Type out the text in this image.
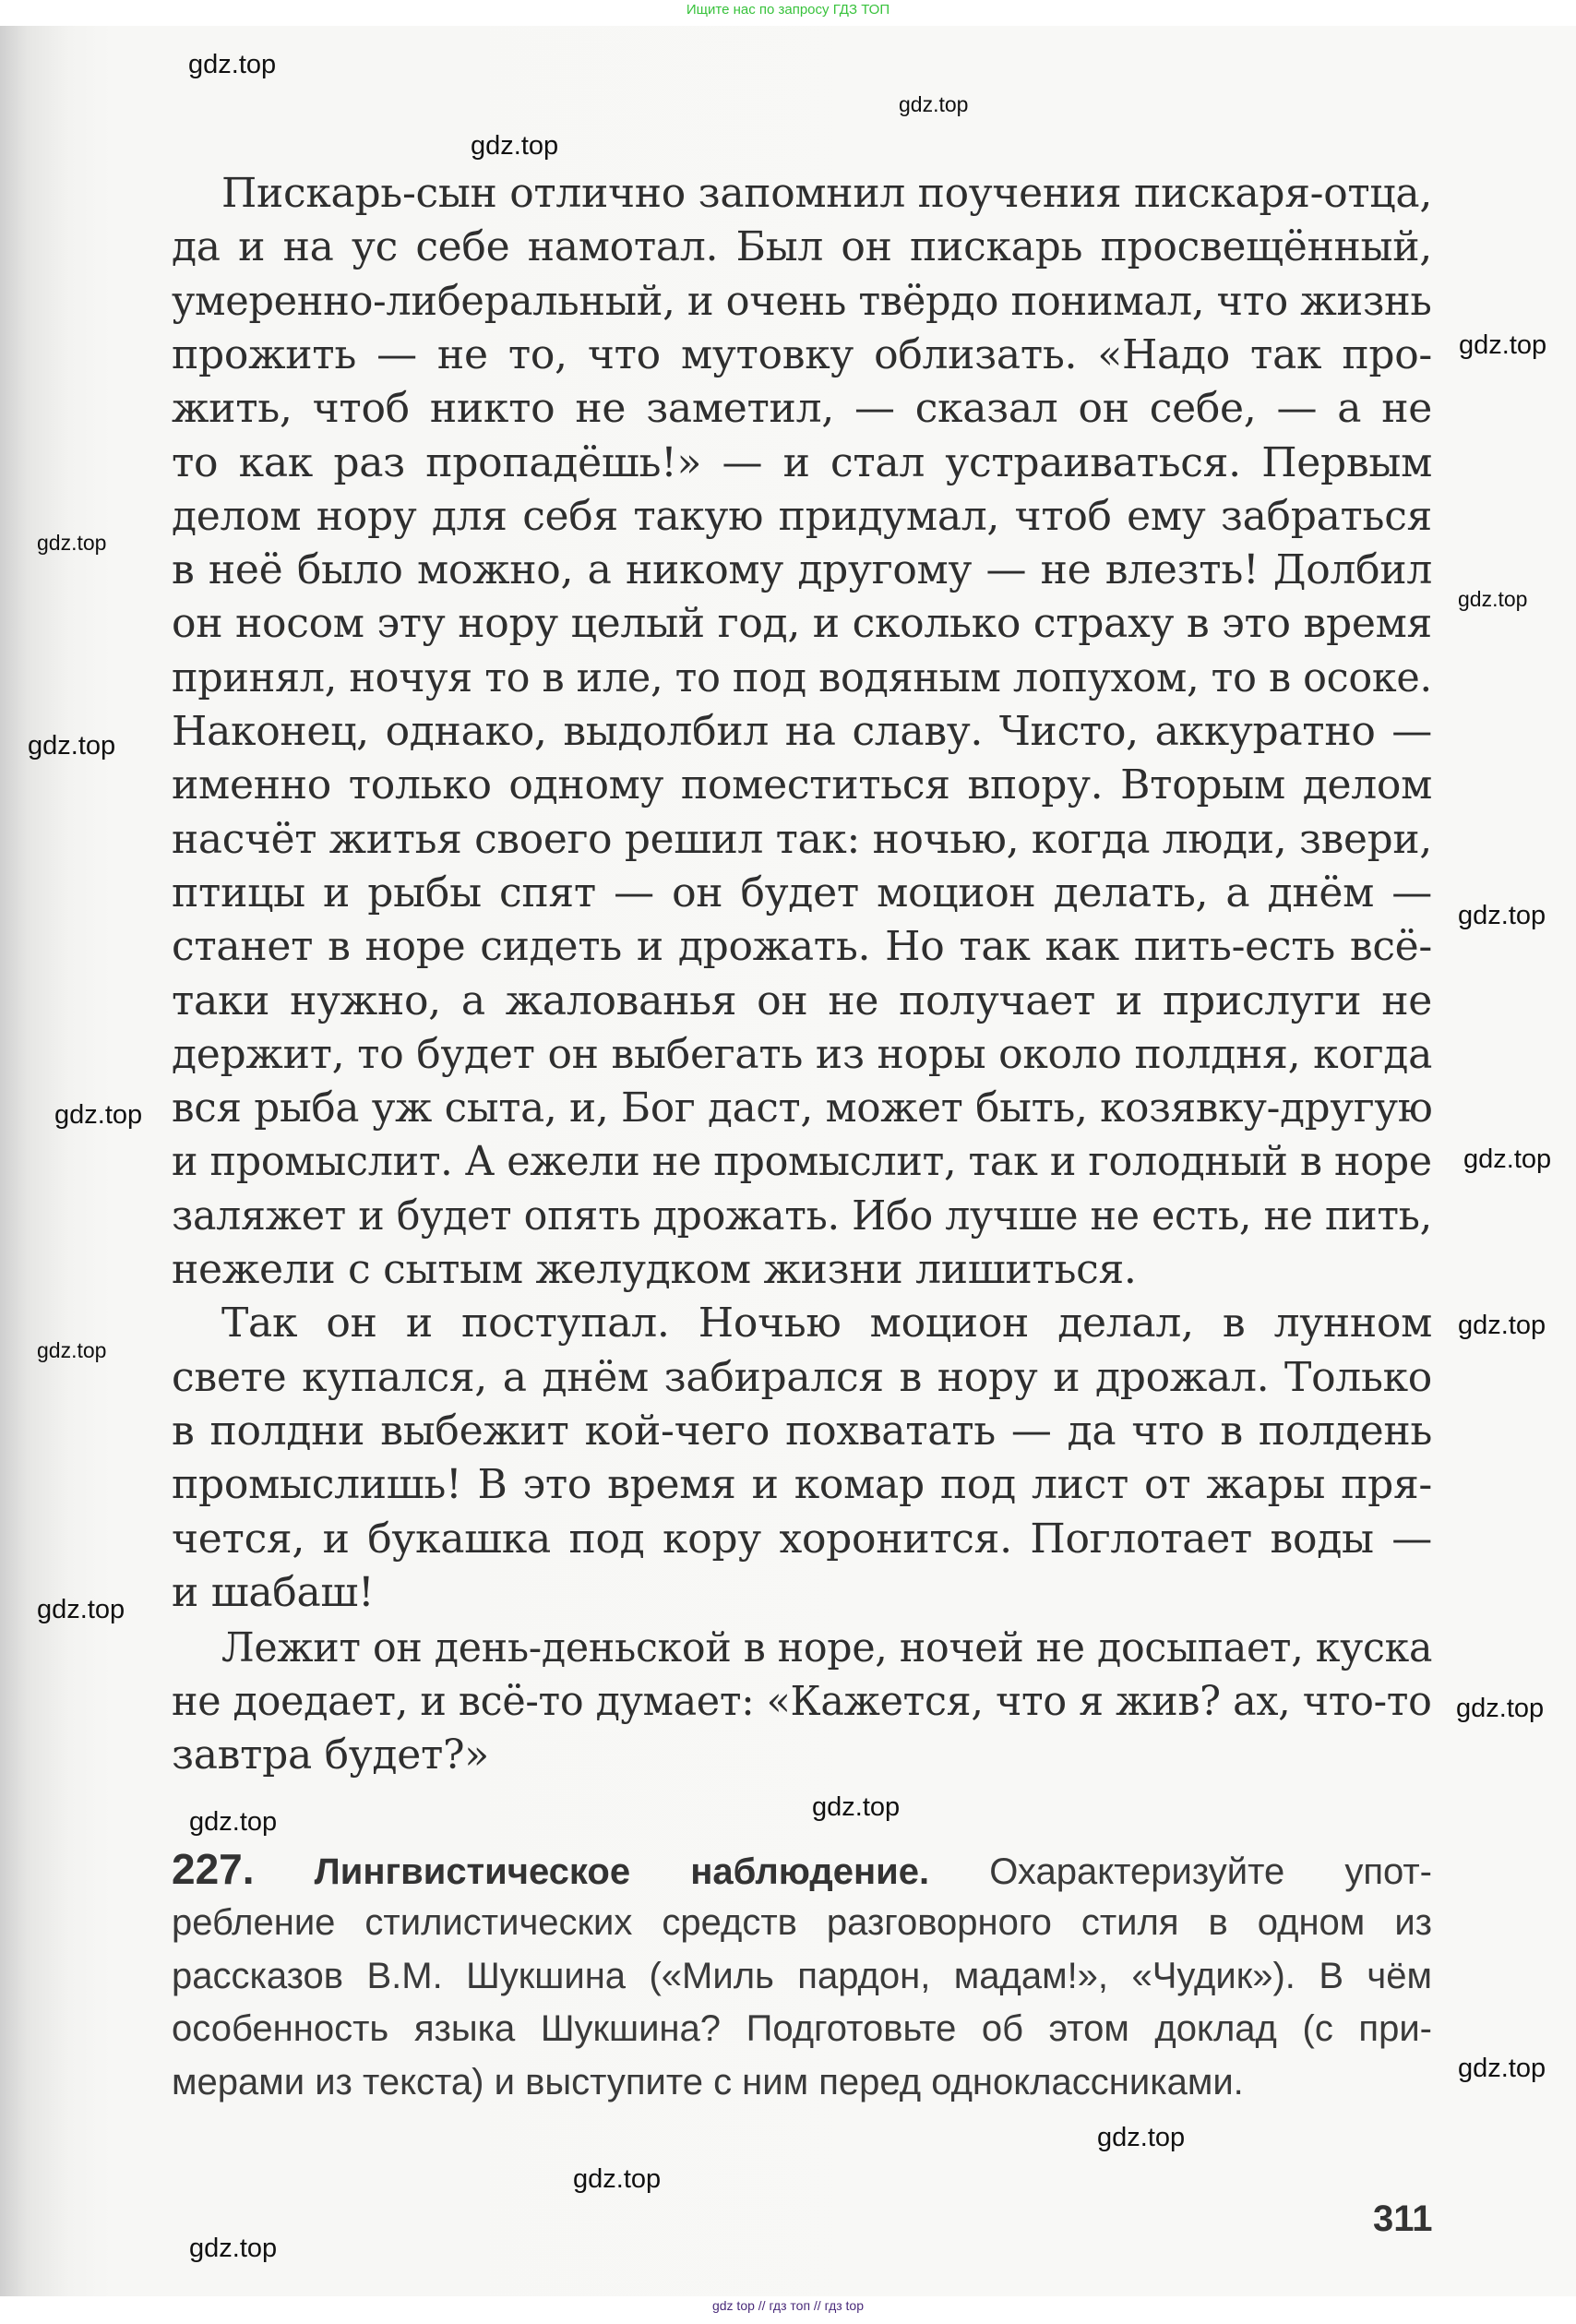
Ищите нас по запросу ГДЗ ТОП
Пискарь-сын отлично запомнил поучения пискаря-отца,
да и на ус себе намотал. Был он пискарь просвещённый,
умеренно-либеральный, и очень твёрдо понимал, что жизнь
прожить — не то, что мутовку облизать. «Надо так про-
жить, чтоб никто не заметил, — сказал он себе, — а не
то как раз пропадёшь!» — и стал устраиваться. Первым
делом нору для себя такую придумал, чтоб ему забраться
в неё было можно, а никому другому — не влезть! Долбил
он носом эту нору целый год, и сколько страху в это время
принял, ночуя то в иле, то под водяным лопухом, то в осоке.
Наконец, однако, выдолбил на славу. Чисто, аккуратно —
именно только одному поместиться впору. Вторым делом
насчёт житья своего решил так: ночью, когда люди, звери,
птицы и рыбы спят — он будет моцион делать, а днём —
станет в норе сидеть и дрожать. Но так как пить-есть всё-
таки нужно, а жалованья он не получает и прислуги не
держит, то будет он выбегать из норы около полдня, когда
вся рыба уж сыта, и, Бог даст, может быть, козявку-другую
и промыслит. А ежели не промыслит, так и голодный в норе
заляжет и будет опять дрожать. Ибо лучше не есть, не пить,
нежели с сытым желудком жизни лишиться.
Так он и поступал. Ночью моцион делал, в лунном
свете купался, а днём забирался в нору и дрожал. Только
в полдни выбежит кой-чего похватать — да что в полдень
промыслишь! В это время и комар под лист от жары пря-
чется, и букашка под кору хоронится. Поглотает воды —
и шабаш!
Лежит он день-деньской в норе, ночей не досыпает, куска
не доедает, и всё-то думает: «Кажется, что я жив? ах, что-то
завтра будет?»
227. Лингвистическое наблюдение. Охарактеризуйте упот-
ребление стилистических средств разговорного стиля в одном из
рассказов В.М. Шукшина («Миль пардон, мадам!», «Чудик»). В чём
особенность языка Шукшина? Подготовьте об этом доклад (с при-
мерами из текста) и выступите с ним перед одноклассниками.
gdz.top
gdz.top
gdz.top
gdz.top
gdz.top
gdz.top
gdz.top
gdz.top
gdz.top
gdz.top
gdz.top
gdz.top
gdz.top
gdz.top
gdz.top
gdz.top
gdz.top
gdz.top
gdz.top
gdz.top
311
gdz top // гдз топ // гдз top
